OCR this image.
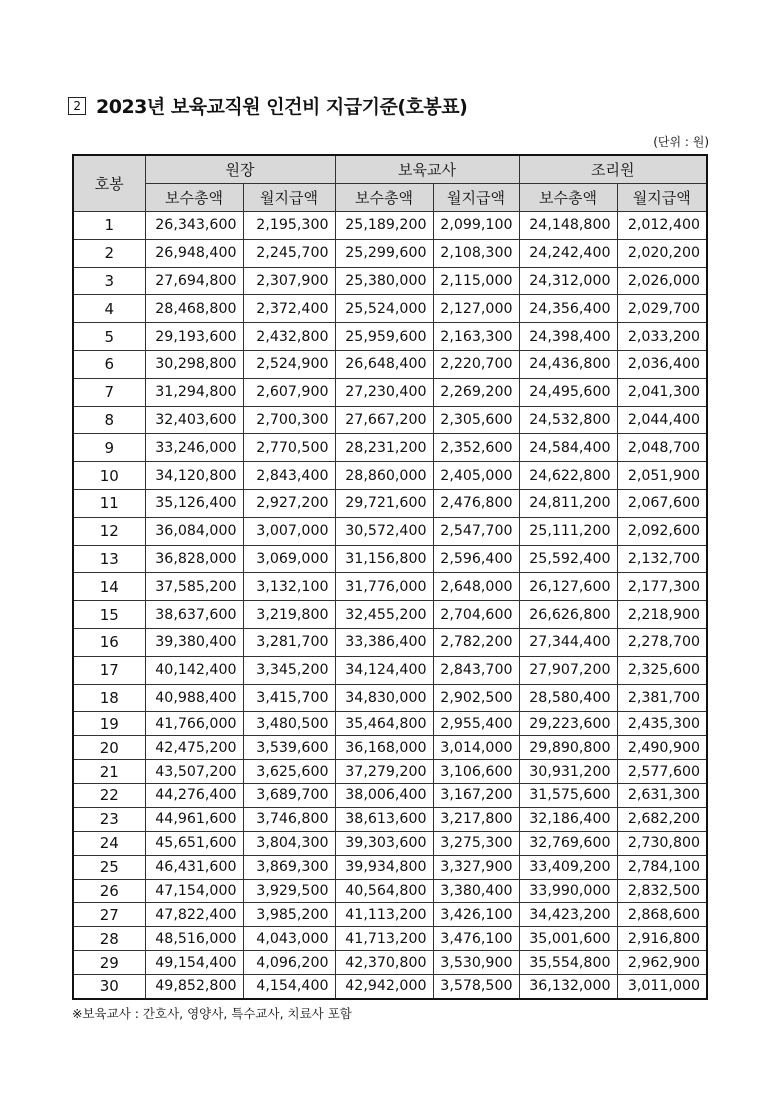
2 2023년 보육교직원 인건비 지급기준(호봉표)
(단위 : 원)
호봉	원장		보육교사		조리원	
	보수총액	월지급액	보수총액	월지급액	보수총액	월지급액
1	26,343,600	2,195,300	25,189,200	2,099,100	24,148,800	2,012,400
2	26,948,400	2,245,700	25,299,600	2,108,300	24,242,400	2,020,200
3	27,694,800	2,307,900	25,380,000	2,115,000	24,312,000	2,026,000
4	28,468,800	2,372,400	25,524,000	2,127,000	24,356,400	2,029,700
5	29,193,600	2,432,800	25,959,600	2,163,300	24,398,400	2,033,200
6	30,298,800	2,524,900	26,648,400	2,220,700	24,436,800	2,036,400
7	31,294,800	2,607,900	27,230,400	2,269,200	24,495,600	2,041,300
8	32,403,600	2,700,300	27,667,200	2,305,600	24,532,800	2,044,400
9	33,246,000	2,770,500	28,231,200	2,352,600	24,584,400	2,048,700
10	34,120,800	2,843,400	28,860,000	2,405,000	24,622,800	2,051,900
11	35,126,400	2,927,200	29,721,600	2,476,800	24,811,200	2,067,600
12	36,084,000	3,007,000	30,572,400	2,547,700	25,111,200	2,092,600
13	36,828,000	3,069,000	31,156,800	2,596,400	25,592,400	2,132,700
14	37,585,200	3,132,100	31,776,000	2,648,000	26,127,600	2,177,300
15	38,637,600	3,219,800	32,455,200	2,704,600	26,626,800	2,218,900
16	39,380,400	3,281,700	33,386,400	2,782,200	27,344,400	2,278,700
17	40,142,400	3,345,200	34,124,400	2,843,700	27,907,200	2,325,600
18	40,988,400	3,415,700	34,830,000	2,902,500	28,580,400	2,381,700
19	41,766,000	3,480,500	35,464,800	2,955,400	29,223,600	2,435,300
20	42,475,200	3,539,600	36,168,000	3,014,000	29,890,800	2,490,900
21	43,507,200	3,625,600	37,279,200	3,106,600	30,931,200	2,577,600
22	44,276,400	3,689,700	38,006,400	3,167,200	31,575,600	2,631,300
23	44,961,600	3,746,800	38,613,600	3,217,800	32,186,400	2,682,200
24	45,651,600	3,804,300	39,303,600	3,275,300	32,769,600	2,730,800
25	46,431,600	3,869,300	39,934,800	3,327,900	33,409,200	2,784,100
26	47,154,000	3,929,500	40,564,800	3,380,400	33,990,000	2,832,500
27	47,822,400	3,985,200	41,113,200	3,426,100	34,423,200	2,868,600
28	48,516,000	4,043,000	41,713,200	3,476,100	35,001,600	2,916,800
29	49,154,400	4,096,200	42,370,800	3,530,900	35,554,800	2,962,900
30	49,852,800	4,154,400	42,942,000	3,578,500	36,132,000	3,011,000
※보육교사 : 간호사, 영양사, 특수교사, 치료사 포함
